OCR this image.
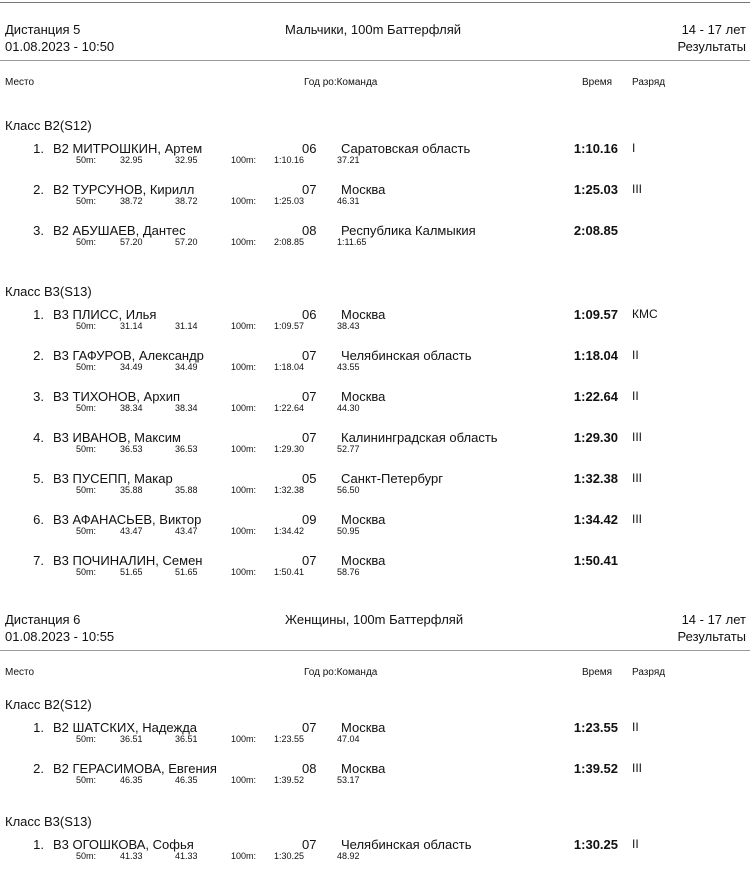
Дистанция 5
01.08.2023 - 10:50
Мальчики, 100m Баттерфляй	14 - 17 лет
Результаты
Место	Год ро:Команда	Время Разряд
Класс B2(S12)
1. B2 МИТРОШКИН, Артем	06 Саратовская область	1:10.16 I
50m:	32.95	32.95	100m: 1:10.16	37.21
2. B2 ТУРСУНОВ, Кирилл	07 Москва	1:25.03 III
50m:	38.72	38.72	100m: 1:25.03	46.31
3. B2 АБУШАЕВ, Дантес	08 Республика Калмыкия	2:08.85
50m:	57.20	57.20	100m: 2:08.85	1:11.65
Класс B3(S13)
1. B3 ПЛИСС, Илья	06 Москва	1:09.57 КМС
50m:	31.14	31.14	100m: 1:09.57	38.43
2. B3 ГАФУРОВ, Александр	07 Челябинская область	1:18.04 II
50m:	34.49	34.49	100m: 1:18.04	43.55
3. B3 ТИХОНОВ, Архип	07 Москва	1:22.64 II
50m:	38.34	38.34	100m: 1:22.64	44.30
4. B3 ИВАНОВ, Максим	07 Калининградская область	1:29.30 III
50m:	36.53	36.53	100m: 1:29.30	52.77
5. B3 ПУСЕПП, Макар	05 Санкт-Петербург	1:32.38 III
50m:	35.88	35.88	100m: 1:32.38	56.50
6. B3 АФАНАСЬЕВ, Виктор	09 Москва	1:34.42 III
50m:	43.47	43.47	100m: 1:34.42	50.95
7. B3 ПОЧИНАЛИН, Семен	07 Москва	1:50.41
50m:	51.65	51.65	100m: 1:50.41	58.76
Дистанция 6
01.08.2023 - 10:55
Женщины, 100m Баттерфляй	14 - 17 лет
Результаты
Место	Год ро:Команда	Время Разряд
Класс B2(S12)
1. B2 ШАТСКИХ, Надежда	07 Москва	1:23.55 II
50m:	36.51	36.51	100m: 1:23.55	47.04
2. B2 ГЕРАСИМОВА, Евгения	08 Москва	1:39.52 III
50m:	46.35	46.35	100m: 1:39.52	53.17
Класс B3(S13)
1. B3 ОГОШКОВА, Софья	07 Челябинская область	1:30.25 II
50m:	41.33	41.33	100m: 1:30.25	48.92
